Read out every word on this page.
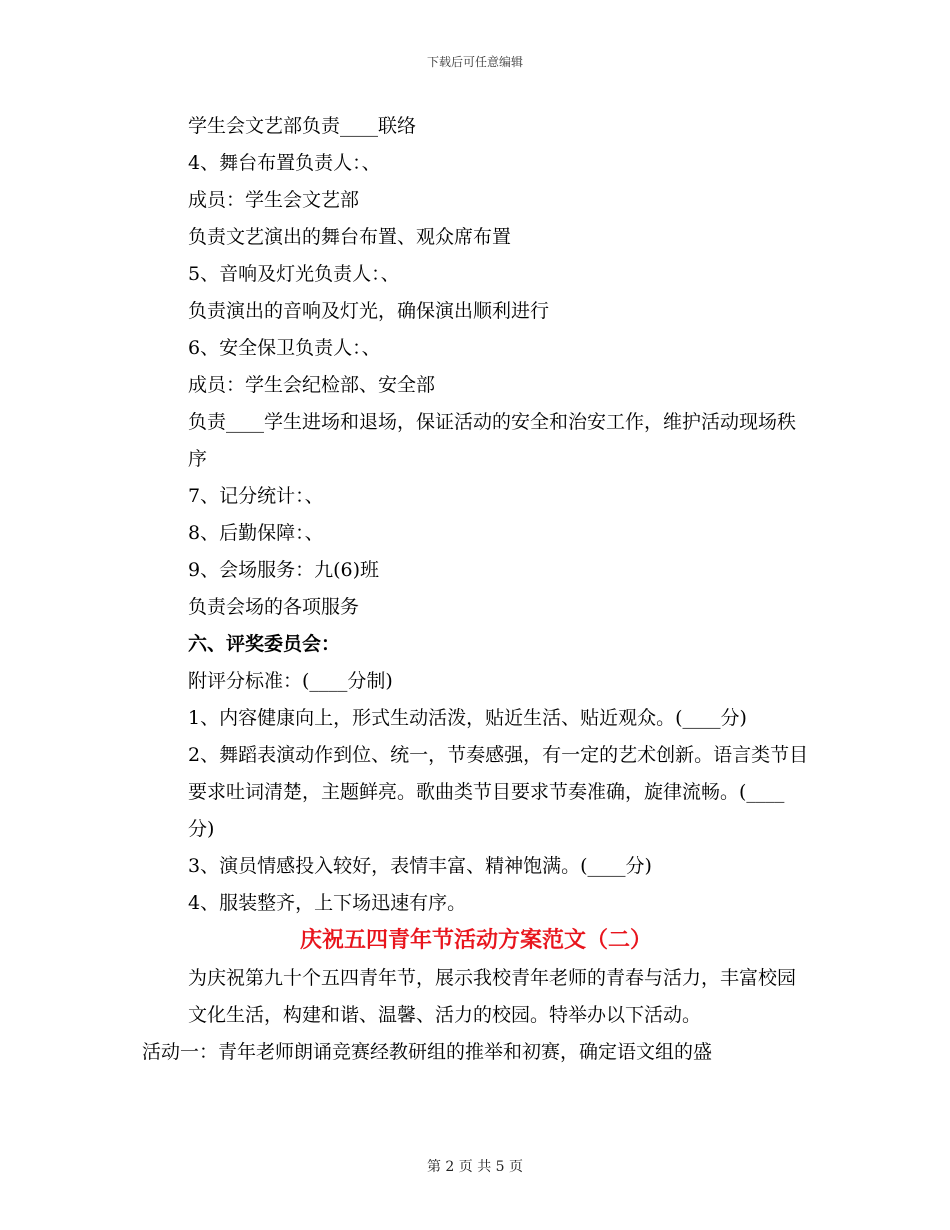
下载后可任意编辑

学生会文艺部负责____联络

4、舞台布置负责人：、

成员：学生会文艺部

负责文艺演出的舞台布置、观众席布置

5、音响及灯光负责人：、

负责演出的音响及灯光，确保演出顺利进行

6、安全保卫负责人：、

成员：学生会纪检部、安全部

负责____学生进场和退场，保证活动的安全和治安工作，维护活动现场秩序

7、记分统计：、

8、后勤保障：、

9、会场服务：九(6)班

负责会场的各项服务

六、评奖委员会：

附评分标准：(____分制)

1、内容健康向上，形式生动活泼，贴近生活、贴近观众。(____分)

2、舞蹈表演动作到位、统一，节奏感强，有一定的艺术创新。语言类节目要求吐词清楚，主题鲜亮。歌曲类节目要求节奏准确，旋律流畅。(____分)

3、演员情感投入较好，表情丰富、精神饱满。(____分)

4、服装整齐，上下场迅速有序。

庆祝五四青年节活动方案范文（二）

为庆祝第九十个五四青年节，展示我校青年老师的青春与活力，丰富校园文化生活，构建和谐、温馨、活力的校园。特举办以下活动。

活动一：青年老师朗诵竞赛经教研组的推举和初赛，确定语文组的盛

第 2 页 共 5 页
